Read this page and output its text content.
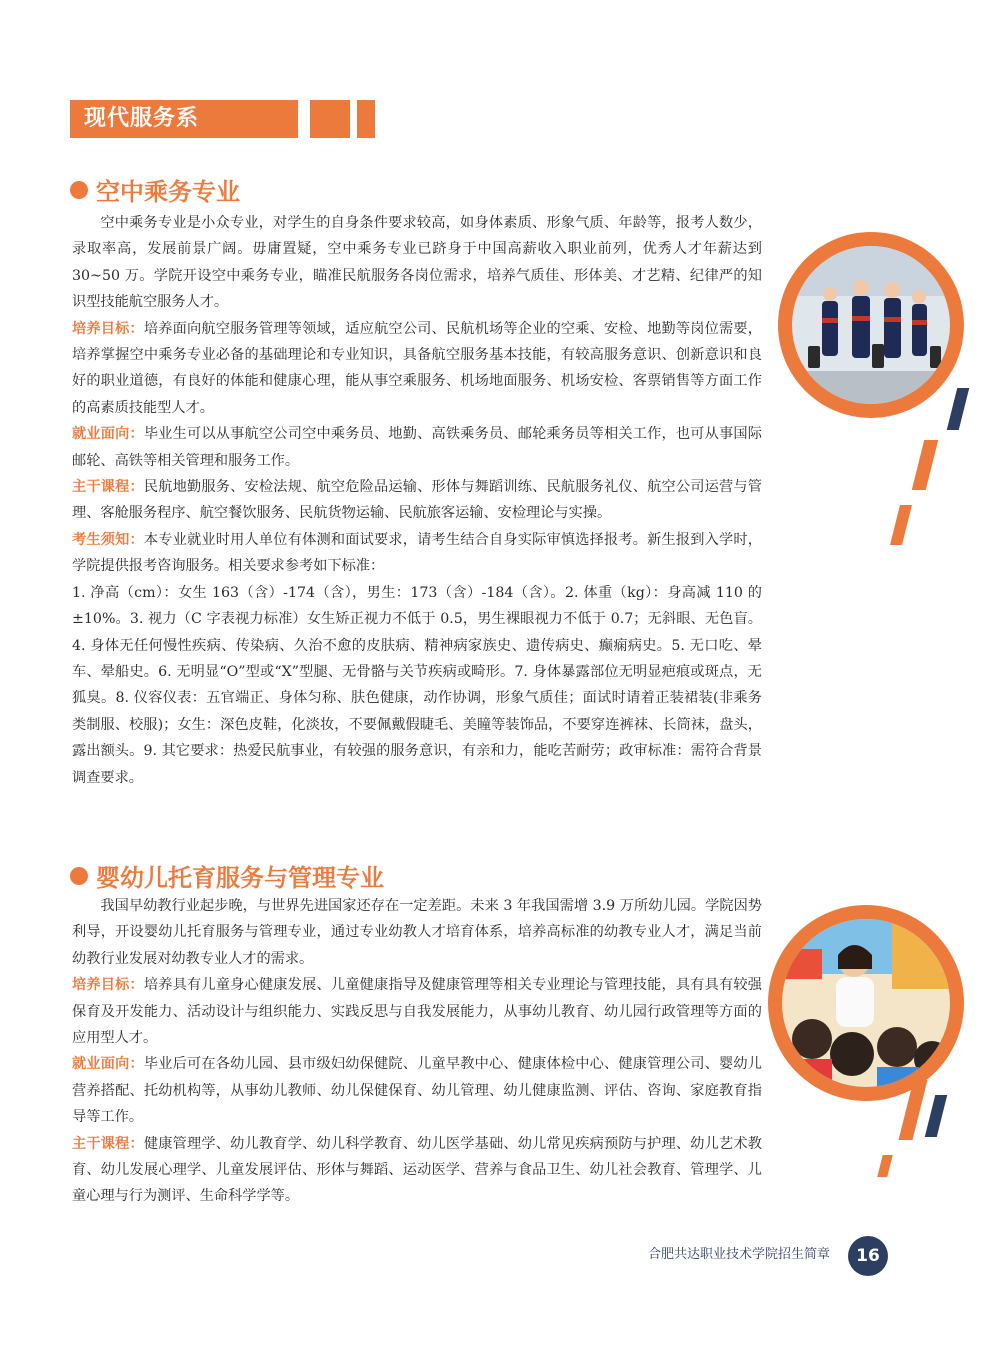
现代服务系
空中乘务专业

空中乘务专业是小众专业，对学生的自身条件要求较高，如身体素质、形象气质、年龄等，报考人数少，录取率高，发展前景广阔。毋庸置疑，空中乘务专业已跻身于中国高薪收入职业前列，优秀人才年薪达到 30~50 万。学院开设空中乘务专业，瞄准民航服务各岗位需求，培养气质佳、形体美、才艺精、纪律严的知识型技能航空服务人才。

培养目标：培养面向航空服务管理等领域，适应航空公司、民航机场等企业的空乘、安检、地勤等岗位需要，培养掌握空中乘务专业必备的基础理论和专业知识，具备航空服务基本技能，有较高服务意识、创新意识和良好的职业道德，有良好的体能和健康心理，能从事空乘服务、机场地面服务、机场安检、客票销售等方面工作的高素质技能型人才。

就业面向：毕业生可以从事航空公司空中乘务员、地勤、高铁乘务员、邮轮乘务员等相关工作，也可从事国际邮轮、高铁等相关管理和服务工作。

主干课程：民航地勤服务、安检法规、航空危险品运输、形体与舞蹈训练、民航服务礼仪、航空公司运营与管理、客舱服务程序、航空餐饮服务、民航货物运输、民航旅客运输、安检理论与实操。

考生须知：本专业就业时用人单位有体测和面试要求，请考生结合自身实际审慎选择报考。新生报到入学时，学院提供报考咨询服务。相关要求参考如下标准：

1. 净高（cm）：女生 163（含）-174（含），男生：173（含）-184（含）。2. 体重（kg）：身高减 110 的±10%。3. 视力（C 字表视力标准）女生矫正视力不低于 0.5，男生裸眼视力不低于 0.7；无斜眼、无色盲。4. 身体无任何慢性疾病、传染病、久治不愈的皮肤病、精神病家族史、遗传病史、癫痫病史。5. 无口吃、晕车、晕船史。6. 无明显“O”型或“X”型腿、无骨骼与关节疾病或畸形。7. 身体暴露部位无明显疤痕或斑点，无狐臭。8. 仪容仪表：五官端正、身体匀称、肤色健康，动作协调，形象气质佳；面试时请着正装裙装(非乘务类制服、校服)；女生：深色皮鞋，化淡妆，不要佩戴假睫毛、美瞳等装饰品，不要穿连裤袜、长筒袜，盘头，露出额头。9. 其它要求：热爱民航事业，有较强的服务意识，有亲和力，能吃苦耐劳；政审标准：需符合背景调查要求。

婴幼儿托育服务与管理专业

我国早幼教行业起步晚，与世界先进国家还存在一定差距。未来 3 年我国需增 3.9 万所幼儿园。学院因势利导，开设婴幼儿托育服务与管理专业，通过专业幼教人才培育体系，培养高标准的幼教专业人才，满足当前幼教行业发展对幼教专业人才的需求。

培养目标：培养具有儿童身心健康发展、儿童健康指导及健康管理等相关专业理论与管理技能，具有具有较强保育及开发能力、活动设计与组织能力、实践反思与自我发展能力，从事幼儿教育、幼儿园行政管理等方面的应用型人才。

就业面向：毕业后可在各幼儿园、县市级妇幼保健院、儿童早教中心、健康体检中心、健康管理公司、婴幼儿营养搭配、托幼机构等，从事幼儿教师、幼儿保健保育、幼儿管理、幼儿健康监测、评估、咨询、家庭教育指导等工作。

主干课程：健康管理学、幼儿教育学、幼儿科学教育、幼儿医学基础、幼儿常见疾病预防与护理、幼儿艺术教育、幼儿发展心理学、儿童发展评估、形体与舞蹈、运动医学、营养与食品卫生、幼儿社会教育、管理学、儿童心理与行为测评、生命科学学等。

合肥共达职业技术学院招生简章	16
